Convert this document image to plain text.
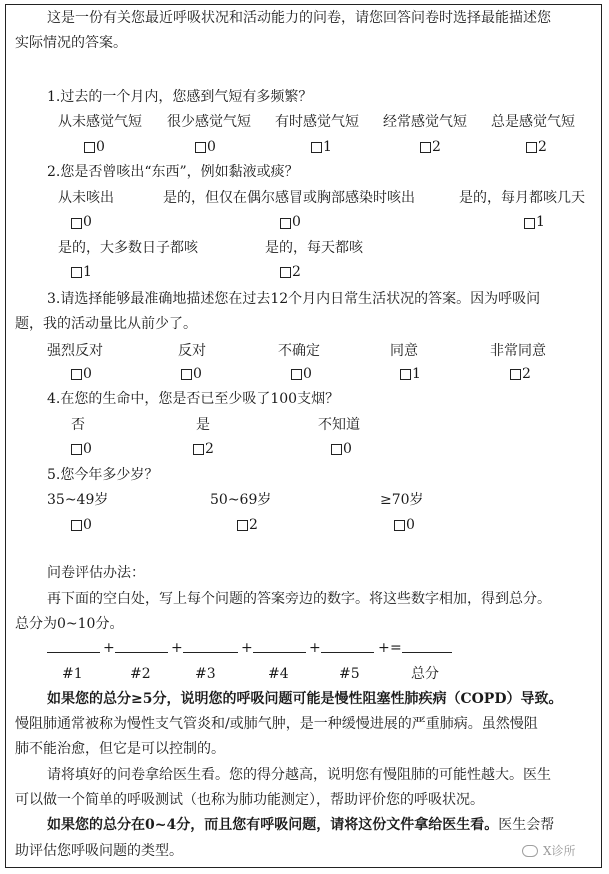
这是一份有关您最近呼吸状况和活动能力的问卷，请您回答问卷时选择最能描述您
实际情况的答案。
1.过去的一个月内，您感到气短有多频繁？
从未感觉气短 很少感觉气短 有时感觉气短 经常感觉气短 总是感觉气短
0	0	1	2	2
2.您是否曾咳出“东西”，例如黏液或痰？
从未咳出	是的，但仅在偶尔感冒或胸部感染时咳出	是的，每月都咳几天
0	0	1
是的，大多数日子都咳	是的，每天都咳
1	2
3.请选择能够最准确地描述您在过去12个月内日常生活状况的答案。因为呼吸问
题，我的活动量比从前少了。
强烈反对	反对	不确定	同意	非常同意
0	0	0	1	2
4.在您的生命中，您是否已至少吸了100支烟？
否	是	不知道
0	2	0
5.您今年多少岁？
35~49岁	50~69岁	≥70岁
0	2	0
问卷评估办法：
再下面的空白处，写上每个问题的答案旁边的数字。将这些数字相加，得到总分。
总分为0~10分。
+	+	+	+	+ =
#1	#2	#3	#4	#5	总分
如果您的总分≥5分，说明您的呼吸问题可能是慢性阻塞性肺疾病（COPD）导致。
慢阻肺通常被称为慢性支气管炎和/或肺气肿，是一种缓慢进展的严重肺病。虽然慢阻
肺不能治愈，但它是可以控制的。
请将填好的问卷拿给医生看。您的得分越高，说明您有慢阻肺的可能性越大。医生
可以做一个简单的呼吸测试（也称为肺功能测定），帮助评价您的呼吸状况。
如果您的总分在0~4分，而且您有呼吸问题，请将这份文件拿给医生看。医生会帮
助评估您呼吸问题的类型。	X诊所
